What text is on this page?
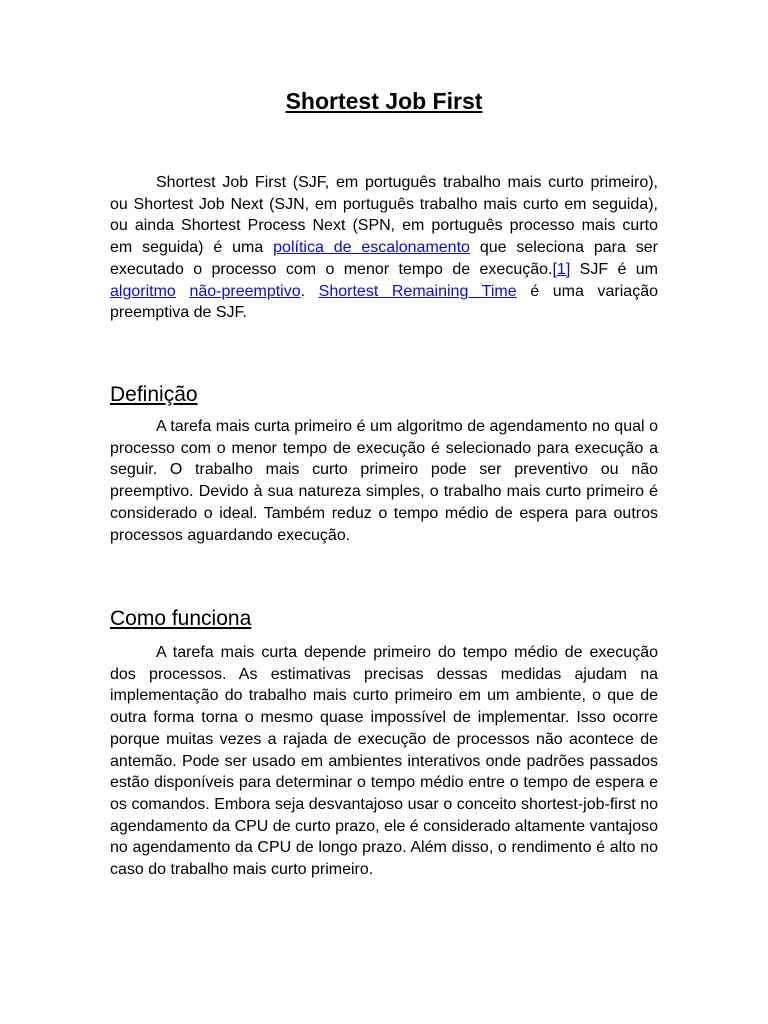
Shortest Job First

Shortest Job First (SJF, em português trabalho mais curto primeiro), ou Shortest Job Next (SJN, em português trabalho mais curto em seguida), ou ainda Shortest Process Next (SPN, em português processo mais curto em seguida) é uma política de escalonamento que seleciona para ser executado o processo com o menor tempo de execução.[1] SJF é um algoritmo não-preemptivo. Shortest Remaining Time é uma variação preemptiva de SJF.

Definição

A tarefa mais curta primeiro é um algoritmo de agendamento no qual o processo com o menor tempo de execução é selecionado para execução a seguir. O trabalho mais curto primeiro pode ser preventivo ou não preemptivo. Devido à sua natureza simples, o trabalho mais curto primeiro é considerado o ideal. Também reduz o tempo médio de espera para outros processos aguardando execução.

Como funciona

A tarefa mais curta depende primeiro do tempo médio de execução dos processos. As estimativas precisas dessas medidas ajudam na implementação do trabalho mais curto primeiro em um ambiente, o que de outra forma torna o mesmo quase impossível de implementar. Isso ocorre porque muitas vezes a rajada de execução de processos não acontece de antemão. Pode ser usado em ambientes interativos onde padrões passados estão disponíveis para determinar o tempo médio entre o tempo de espera e os comandos. Embora seja desvantajoso usar o conceito shortest-job-first no agendamento da CPU de curto prazo, ele é considerado altamente vantajoso no agendamento da CPU de longo prazo. Além disso, o rendimento é alto no caso do trabalho mais curto primeiro.
